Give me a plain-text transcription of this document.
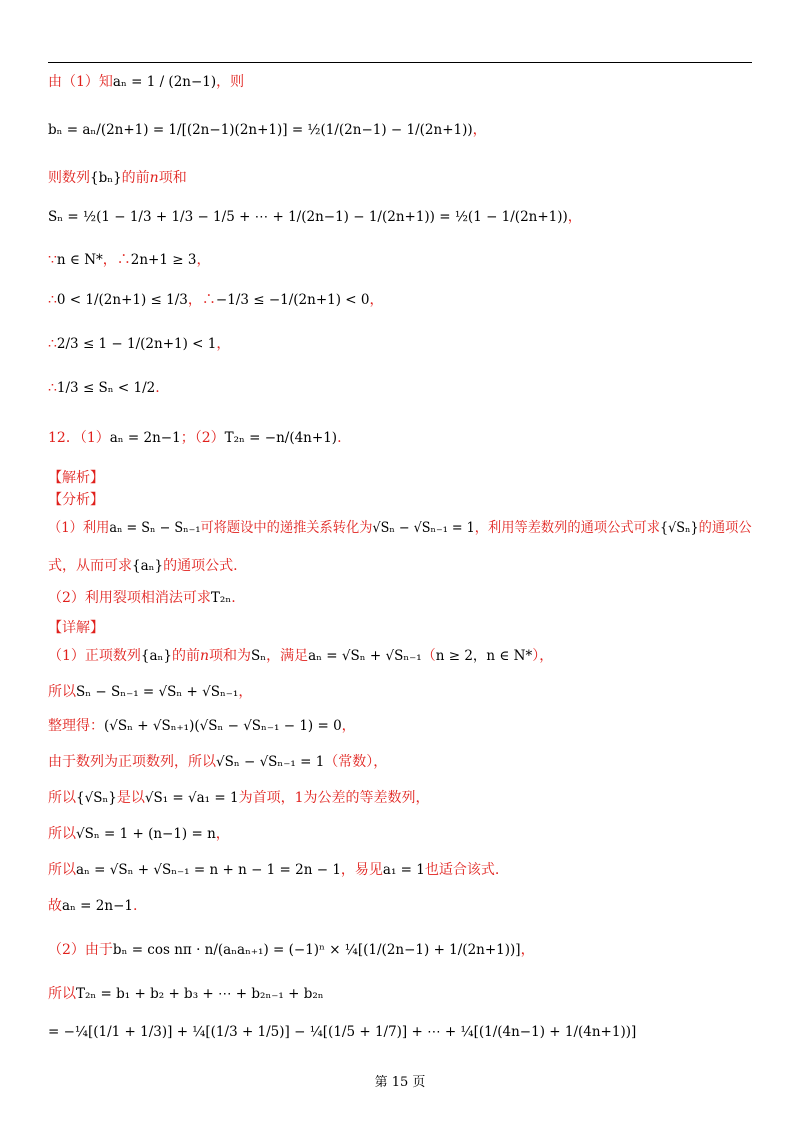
由（1）知aₙ = 1 / (2n−1)，则
bₙ = aₙ/(2n+1) = 1/[(2n−1)(2n+1)] = ½(1/(2n−1) − 1/(2n+1))，
则数列{bₙ}的前n项和
Sₙ = ½(1 − 1/3 + 1/3 − 1/5 + ⋯ + 1/(2n−1) − 1/(2n+1)) = ½(1 − 1/(2n+1))，
∵n ∈ N*，∴2n+1 ≥ 3，
∴0 < 1/(2n+1) ≤ 1/3，∴−1/3 ≤ −1/(2n+1) < 0，
∴2/3 ≤ 1 − 1/(2n+1) < 1，
∴1/3 ≤ Sₙ < 1/2.
12．（1）aₙ = 2n−1；（2）T₂ₙ = −n/(4n+1).
【解析】
【分析】
（1）利用aₙ = Sₙ − Sₙ₋₁可将题设中的递推关系转化为√Sₙ − √Sₙ₋₁ = 1，利用等差数列的通项公式可求{√Sₙ}的通项公
式，从而可求{aₙ}的通项公式.
（2）利用裂项相消法可求T₂ₙ.
【详解】
（1）正项数列{aₙ}的前n项和为Sₙ，满足aₙ = √Sₙ + √Sₙ₋₁（n ≥ 2，n ∈ N*），
所以Sₙ − Sₙ₋₁ = √Sₙ + √Sₙ₋₁，
整理得：(√Sₙ + √Sₙ₊₁)(√Sₙ − √Sₙ₋₁ − 1) = 0，
由于数列为正项数列，所以√Sₙ − √Sₙ₋₁ = 1（常数），
所以{√Sₙ}是以√S₁ = √a₁ = 1为首项，1为公差的等差数列，
所以√Sₙ = 1 + (n−1) = n，
所以aₙ = √Sₙ + √Sₙ₋₁ = n + n − 1 = 2n − 1，易见a₁ = 1也适合该式.
故aₙ = 2n−1.
（2）由于bₙ = cos nπ · n/(aₙaₙ₊₁) = (−1)ⁿ × ¼[(1/(2n−1) + 1/(2n+1))]，
所以T₂ₙ = b₁ + b₂ + b₃ + ⋯ + b₂ₙ₋₁ + b₂ₙ
= −¼[(1/1 + 1/3)] + ¼[(1/3 + 1/5)] − ¼[(1/5 + 1/7)] + ⋯ + ¼[(1/(4n−1) + 1/(4n+1))]
第 15 页
